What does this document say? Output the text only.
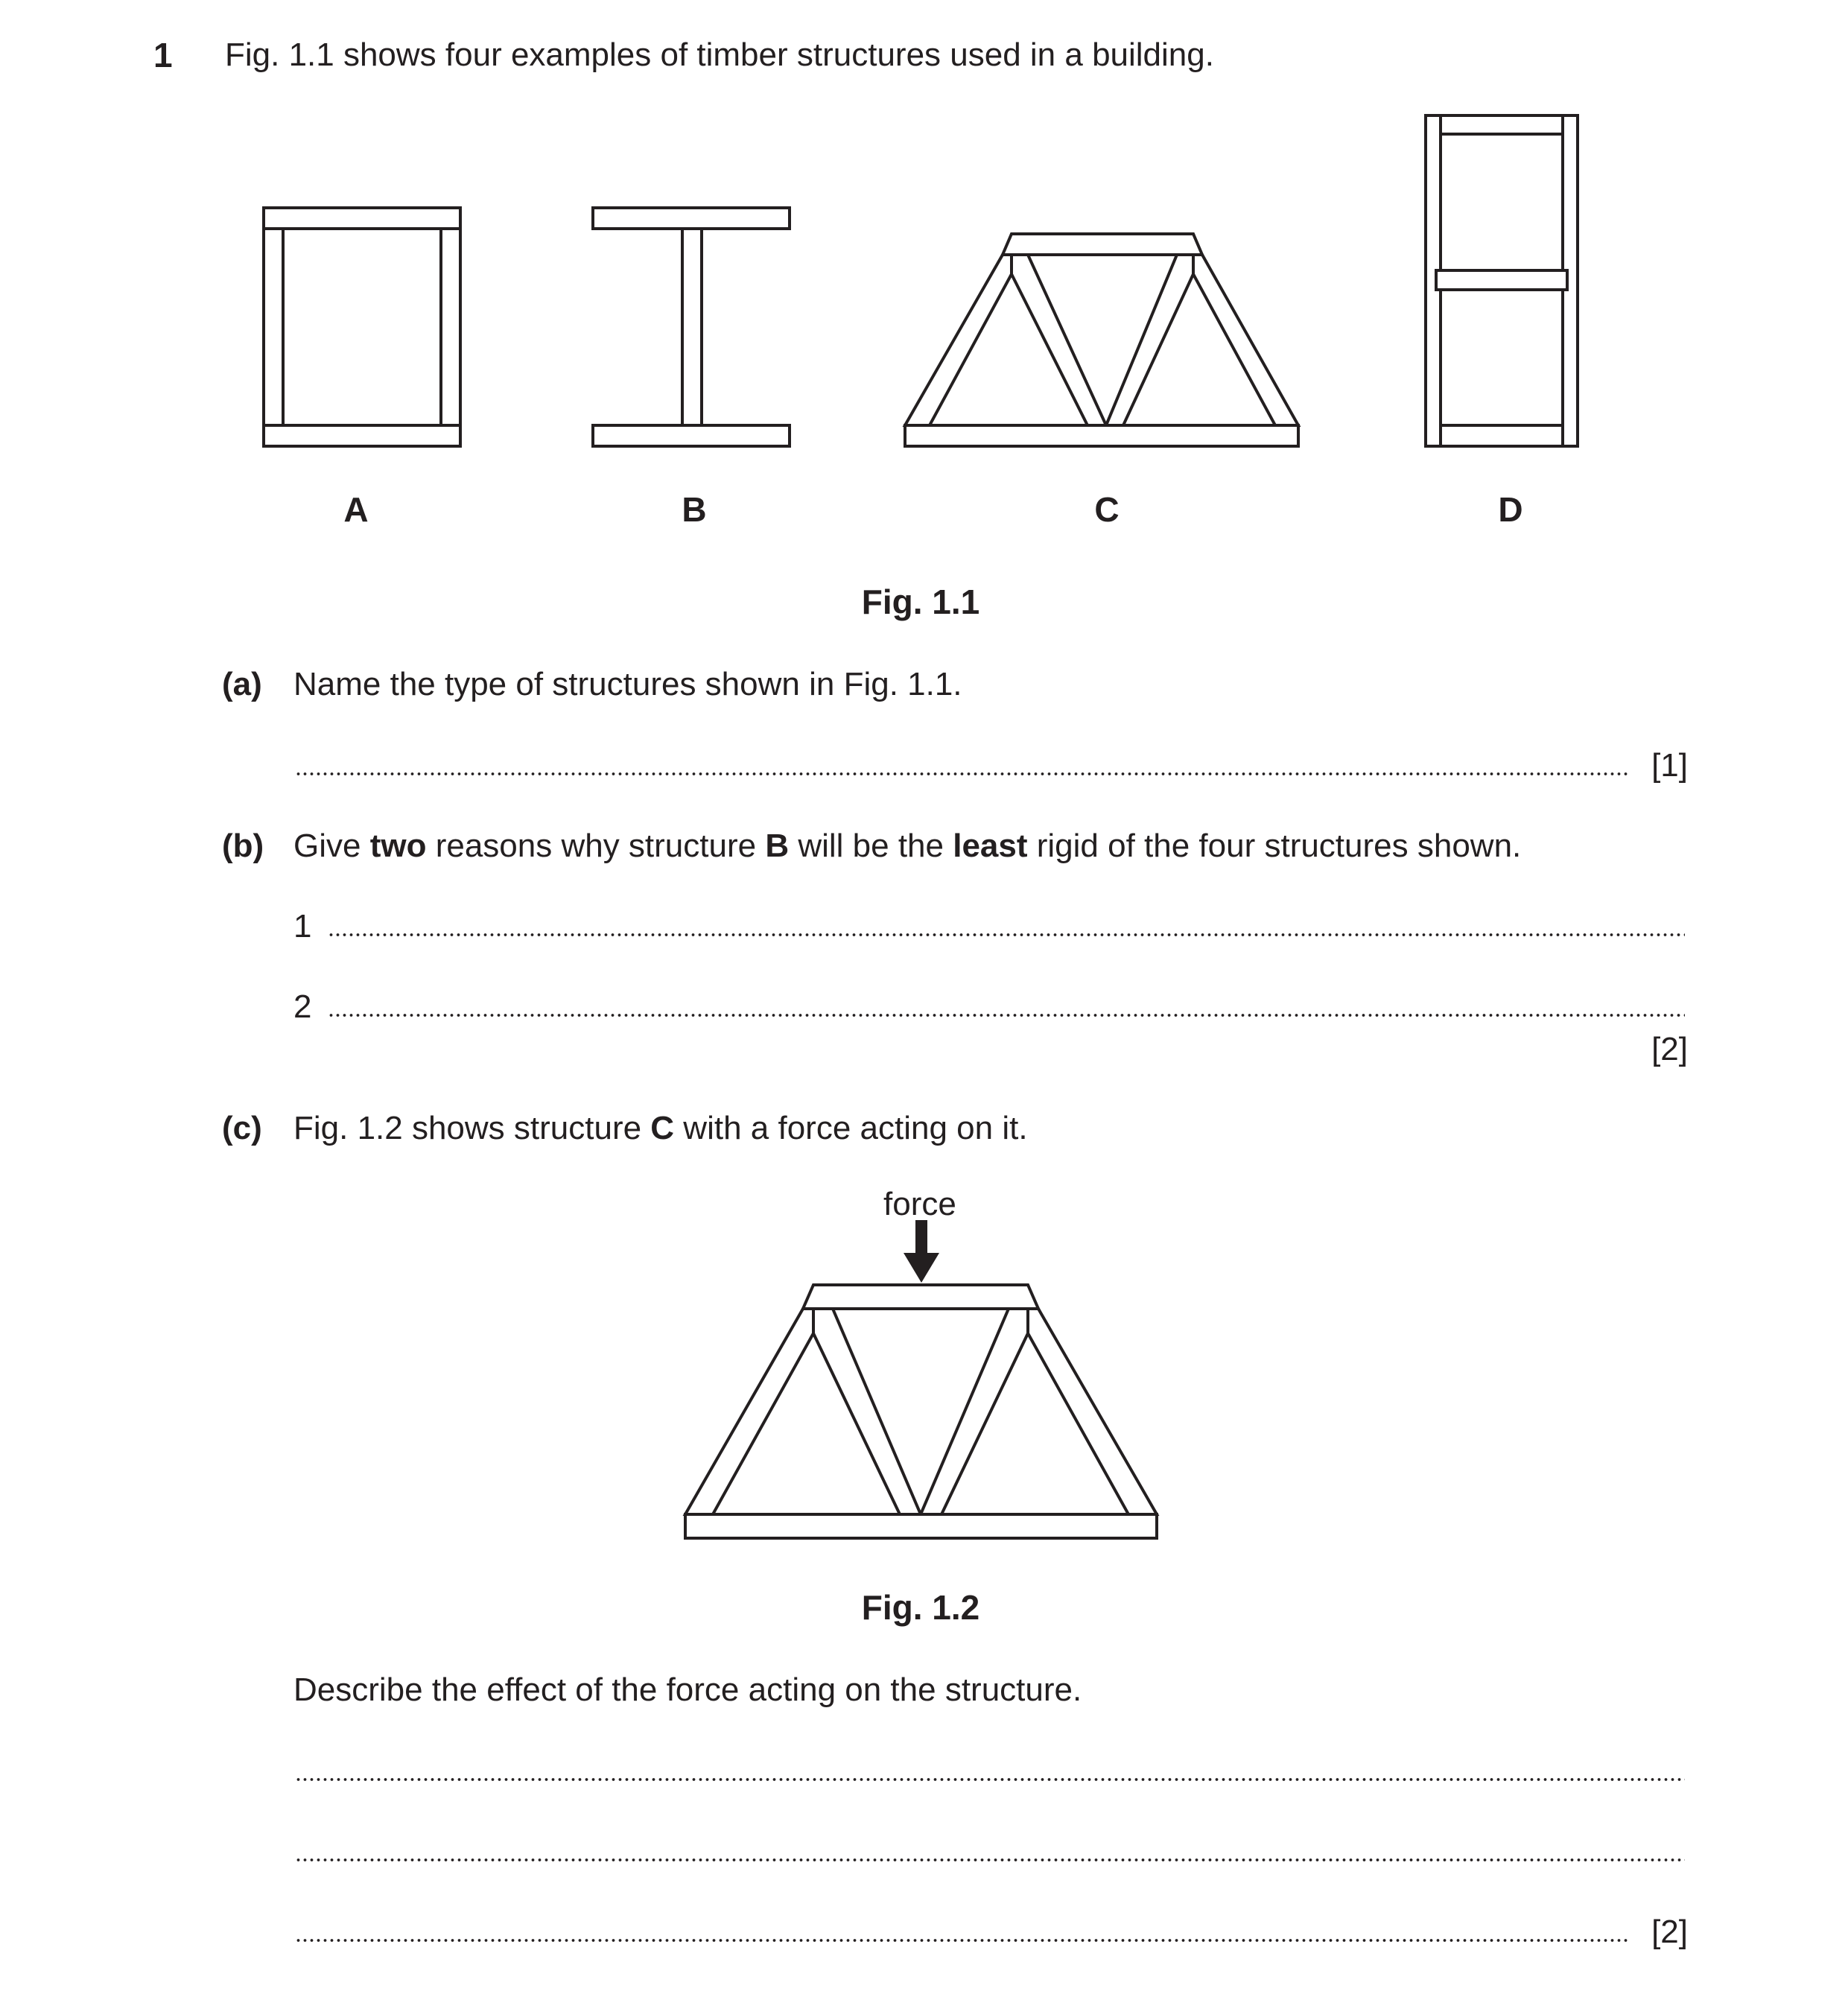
1 Fig. 1.1 shows four examples of timber structures used in a building.
A	B	C	D
Fig. 1.1
(a) Name the type of structures shown in Fig. 1.1.
[1]
(b) Give two reasons why structure B will be the least rigid of the four structures shown.
1
2
[2]
(c) Fig. 1.2 shows structure C with a force acting on it.
force
Fig. 1.2
Describe the effect of the force acting on the structure.
[2]
